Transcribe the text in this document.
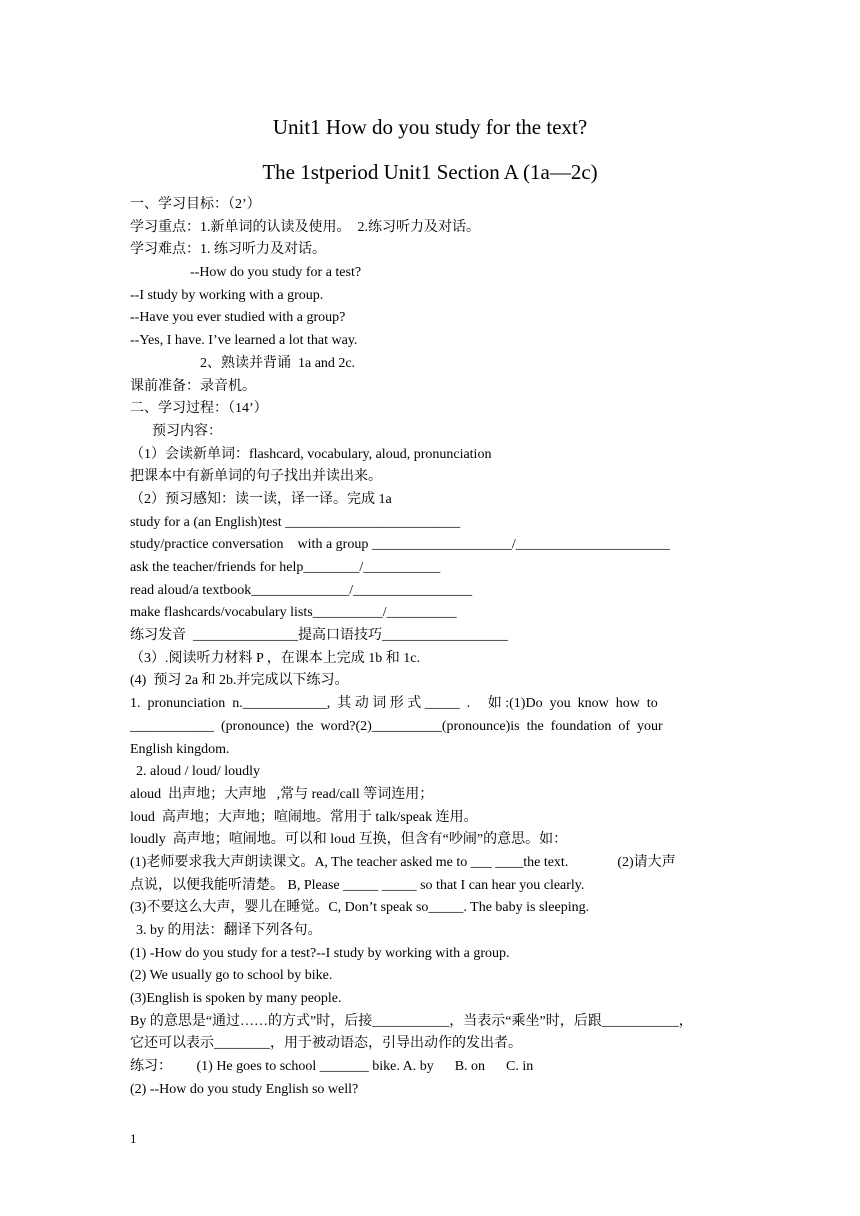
Unit1 How do you study for the text?
The 1stperiod Unit1 Section A (1a—2c)
一、学习目标：（2’）
学习重点：1.新单词的认读及使用。  2.练习听力及对话。
学习难点：1. 练习听力及对话。
--How do you study for a test?
--I study by working with a group.
--Have you ever studied with a group?
--Yes, I have. I’ve learned a lot that way.
2、熟读并背诵  1a and 2c.
课前准备：录音机。
二、学习过程：（14’）
预习内容：
（1）会读新单词：flashcard, vocabulary, aloud, pronunciation
把课本中有新单词的句子找出并读出来。
（2）预习感知：读一读，译一译。完成 1a
study for a (an English)test _________________________
study/practice conversation    with a group ____________________/______________________
ask the teacher/friends for help________/___________
read aloud/a textbook______________/_________________
make flashcards/vocabulary lists__________/__________
练习发音  _______________提高口语技巧__________________
（3）.阅读听力材料 P ，在课本上完成 1b 和 1c.
(4)  预习 2a 和 2b.并完成以下练习。
1.  pronunciation  n.____________,  其 动 词 形 式 _____  .     如 :(1)Do  you  know  how  to
____________  (pronounce)  the  word?(2)__________(pronounce)is  the  foundation  of  your
English kingdom.
2. aloud / loud/ loudly
aloud  出声地；大声地   ,常与 read/call 等词连用；
loud  高声地；大声地；喧闹地。常用于 talk/speak 连用。
loudly  高声地；喧闹地。可以和 loud 互换，但含有“吵闹”的意思。如：
(1)老师要求我大声朗读课文。A, The teacher asked me to ___ ____the text.              (2)请大声
点说，以便我能听清楚。 B, Please _____ _____ so that I can hear you clearly.
(3)不要这么大声，婴儿在睡觉。C, Don’t speak so_____. The baby is sleeping.
3. by 的用法：翻译下列各句。
(1) -How do you study for a test?--I study by working with a group.
(2) We usually go to school by bike.
(3)English is spoken by many people.
By 的意思是“通过……的方式”时，后接___________，当表示“乘坐”时，后跟___________，
它还可以表示________，用于被动语态，引导出动作的发出者。
练习：       (1) He goes to school _______ bike. A. by      B. on      C. in
(2) --How do you study English so well?
1
